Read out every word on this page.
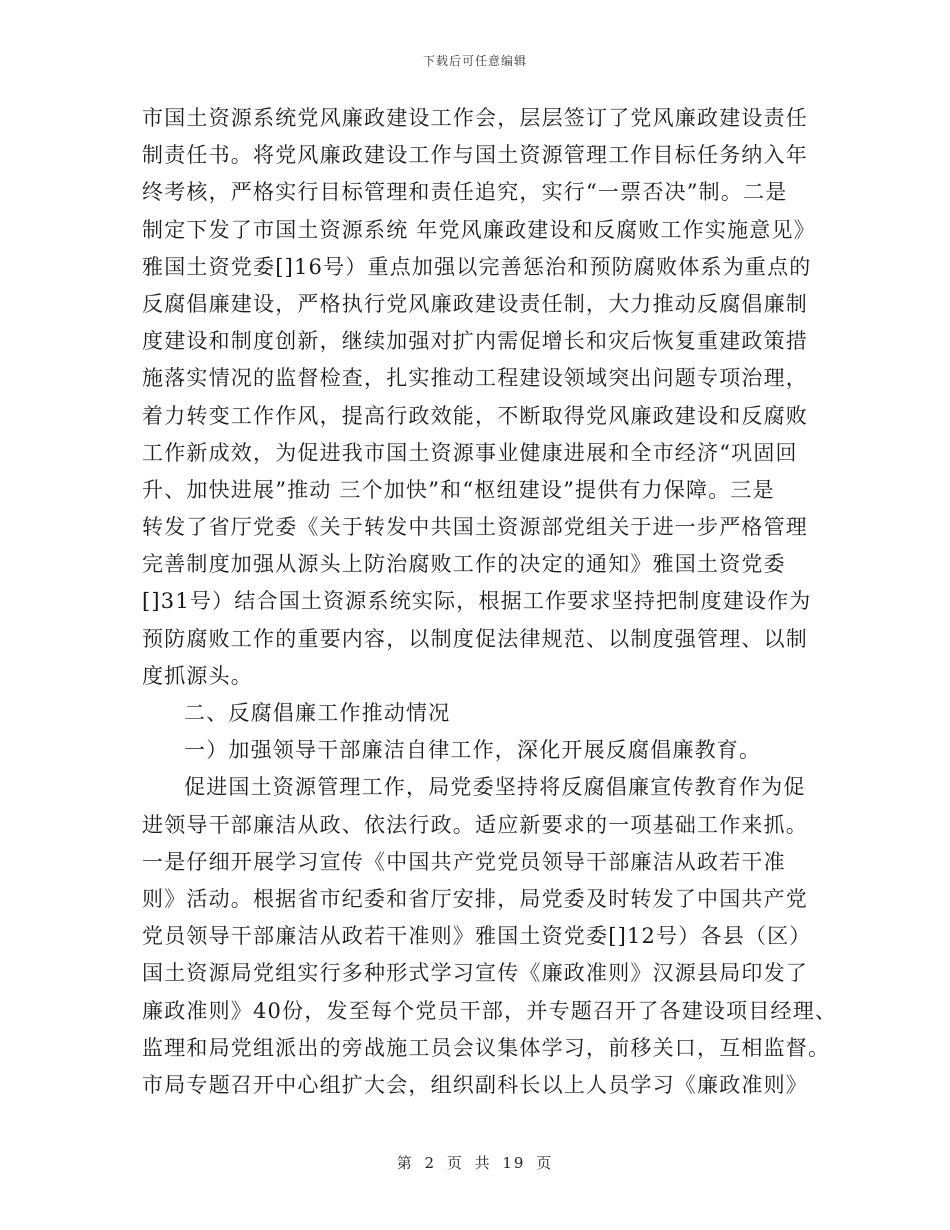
下载后可任意编辑
市国土资源系统党风廉政建设工作会，层层签订了党风廉政建设责任
制责任书。将党风廉政建设工作与国土资源管理工作目标任务纳入年
终考核，严格实行目标管理和责任追究，实行“一票否决”制。二是
制定下发了市国土资源系统 年党风廉政建设和反腐败工作实施意见》
雅国土资党委[]16号）重点加强以完善惩治和预防腐败体系为重点的
反腐倡廉建设，严格执行党风廉政建设责任制，大力推动反腐倡廉制
度建设和制度创新，继续加强对扩内需促增长和灾后恢复重建政策措
施落实情况的监督检查，扎实推动工程建设领域突出问题专项治理，
着力转变工作作风，提高行政效能，不断取得党风廉政建设和反腐败
工作新成效，为促进我市国土资源事业健康进展和全市经济“巩固回
升、加快进展”推动 三个加快”和“枢纽建设”提供有力保障。三是
转发了省厅党委《关于转发中共国土资源部党组关于进一步严格管理
完善制度加强从源头上防治腐败工作的决定的通知》雅国土资党委
[]31号）结合国土资源系统实际，根据工作要求坚持把制度建设作为
预防腐败工作的重要内容，以制度促法律规范、以制度强管理、以制
度抓源头。
二、反腐倡廉工作推动情况
一）加强领导干部廉洁自律工作，深化开展反腐倡廉教育。
促进国土资源管理工作，局党委坚持将反腐倡廉宣传教育作为促
进领导干部廉洁从政、依法行政。适应新要求的一项基础工作来抓。
一是仔细开展学习宣传《中国共产党党员领导干部廉洁从政若干准
则》活动。根据省市纪委和省厅安排，局党委及时转发了中国共产党
党员领导干部廉洁从政若干准则》雅国土资党委[]12号）各县（区）
国土资源局党组实行多种形式学习宣传《廉政准则》汉源县局印发了
廉政准则》40份，发至每个党员干部，并专题召开了各建设项目经理、
监理和局党组派出的旁战施工员会议集体学习，前移关口，互相监督。
市局专题召开中心组扩大会，组织副科长以上人员学习《廉政准则》
第 2 页 共 19 页
